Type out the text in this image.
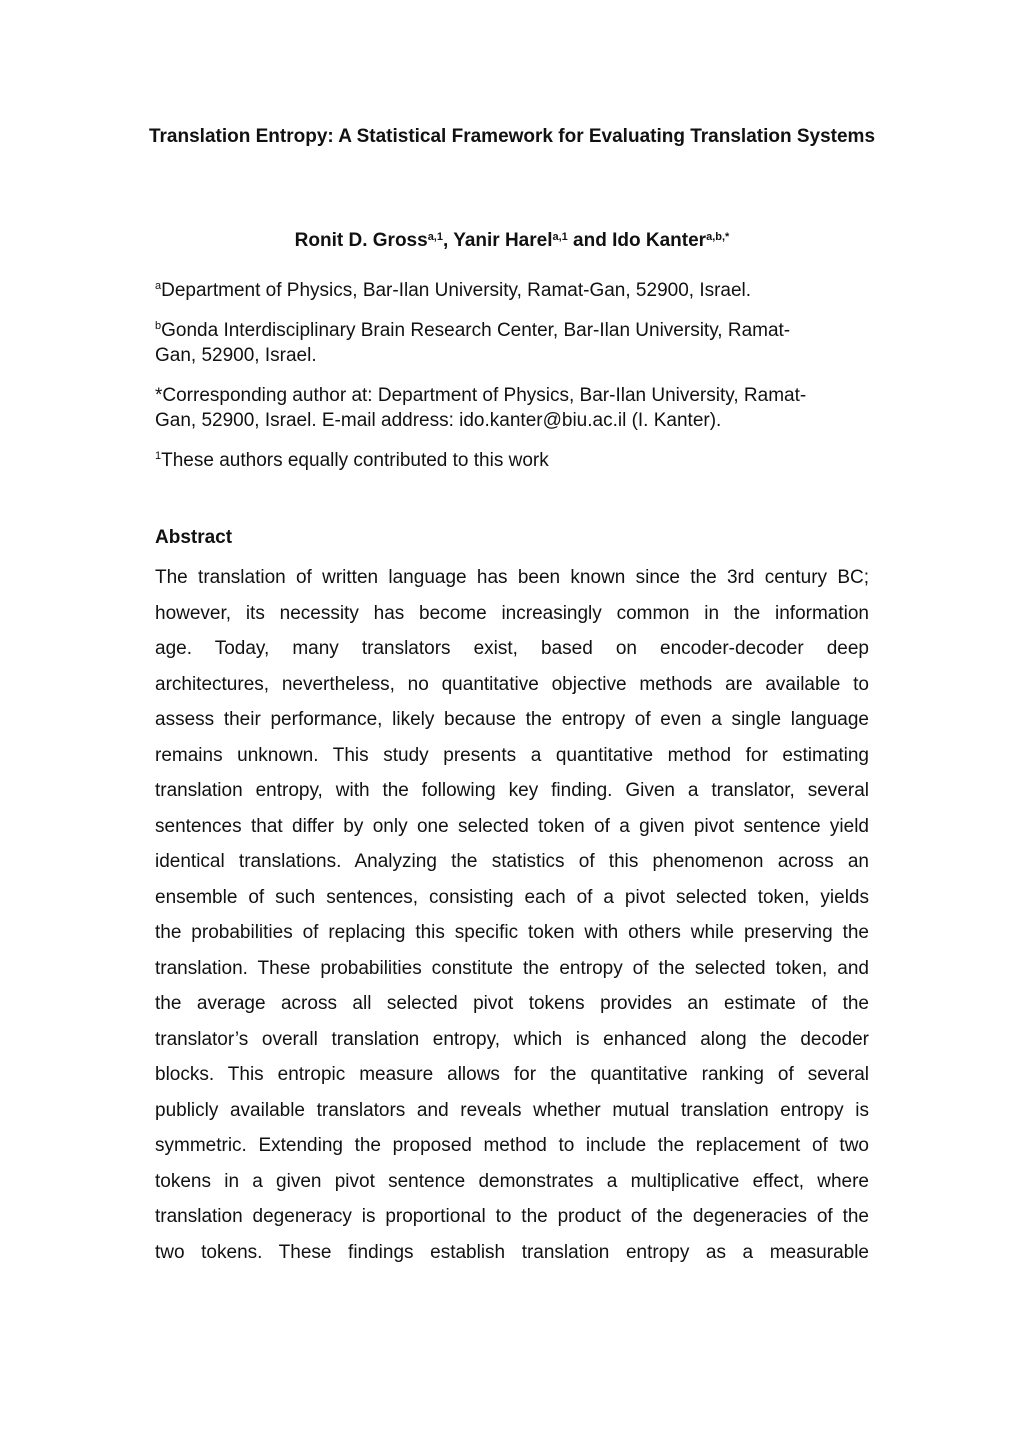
Translation Entropy: A Statistical Framework for Evaluating Translation Systems
Ronit D. Gross$^{a,1}$, Yanir Harel$^{a,1}$ and Ido Kanter$^{a,b,*}$
$^a$Department of Physics, Bar-Ilan University, Ramat-Gan, 52900, Israel.
$^b$Gonda Interdisciplinary Brain Research Center, Bar-Ilan University, Ramat-
Gan, 52900, Israel.
*Corresponding author at: Department of Physics, Bar-Ilan University, Ramat-
Gan, 52900, Israel. E-mail address: ido.kanter@biu.ac.il (I. Kanter).
$^1$These authors equally contributed to this work
Abstract
The translation of written language has been known since the 3rd century BC;
however, its necessity has become increasingly common in the information
age. Today, many translators exist, based on encoder-decoder deep
architectures, nevertheless, no quantitative objective methods are available to
assess their performance, likely because the entropy of even a single language
remains unknown. This study presents a quantitative method for estimating
translation entropy, with the following key finding. Given a translator, several
sentences that differ by only one selected token of a given pivot sentence yield
identical translations. Analyzing the statistics of this phenomenon across an
ensemble of such sentences, consisting each of a pivot selected token, yields
the probabilities of replacing this specific token with others while preserving the
translation. These probabilities constitute the entropy of the selected token, and
the average across all selected pivot tokens provides an estimate of the
translator’s overall translation entropy, which is enhanced along the decoder
blocks. This entropic measure allows for the quantitative ranking of several
publicly available translators and reveals whether mutual translation entropy is
symmetric. Extending the proposed method to include the replacement of two
tokens in a given pivot sentence demonstrates a multiplicative effect, where
translation degeneracy is proportional to the product of the degeneracies of the
two tokens. These findings establish translation entropy as a measurable
